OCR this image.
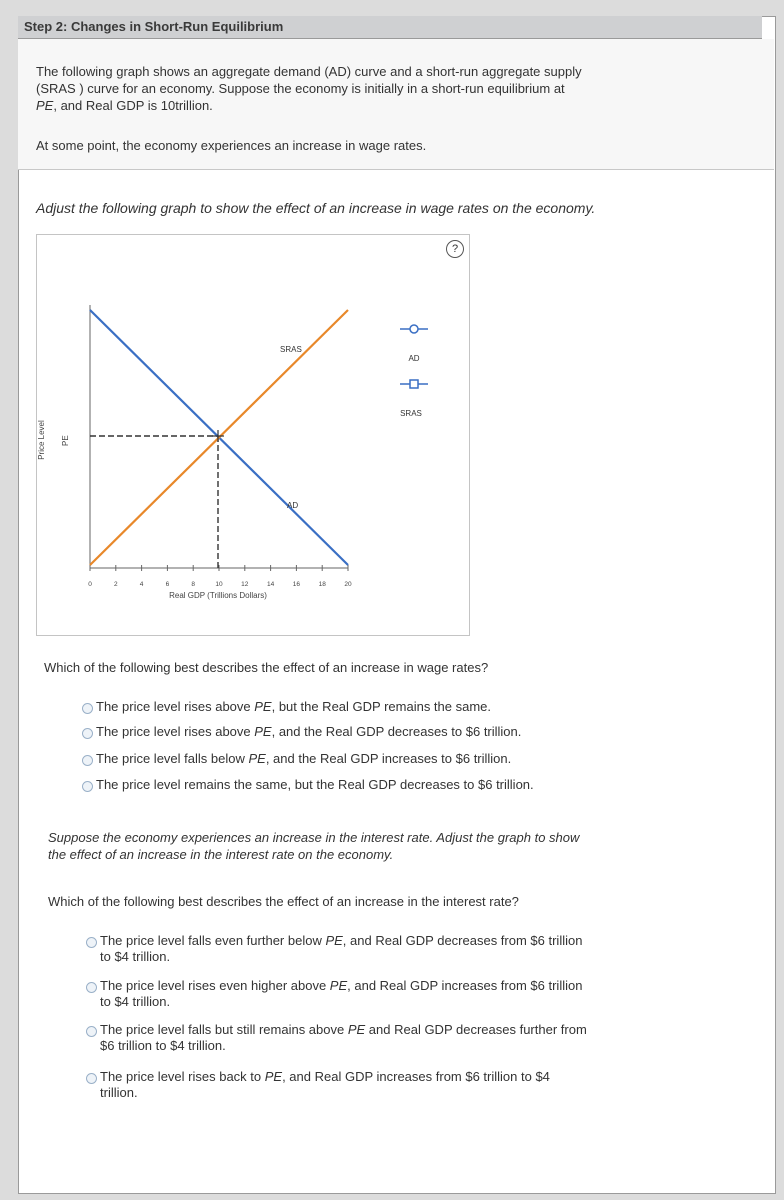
Step 2: Changes in Short-Run Equilibrium
The following graph shows an aggregate demand (AD) curve and a short-run aggregate supply
(SRAS ) curve for an economy. Suppose the economy is initially in a short-run equilibrium at
PE, and Real GDP is 10trillion.
At some point, the economy experiences an increase in wage rates.
Adjust the following graph to show the effect of an increase in wage rates on the economy.
?
Price Level PE
0	2	4	6	8	10	12	14	16	18	20
Real GDP (Trillions Dollars)
SRAS
AD
AD
SRAS
Which of the following best describes the effect of an increase in wage rates?
The price level rises above PE, but the Real GDP remains the same.
The price level rises above PE, and the Real GDP decreases to $6 trillion.
The price level falls below PE, and the Real GDP increases to $6 trillion.
The price level remains the same, but the Real GDP decreases to $6 trillion.
Suppose the economy experiences an increase in the interest rate. Adjust the graph to show
the effect of an increase in the interest rate on the economy.
Which of the following best describes the effect of an increase in the interest rate?
The price level falls even further below PE, and Real GDP decreases from $6 trillion
to $4 trillion.
The price level rises even higher above PE, and Real GDP increases from $6 trillion
to $4 trillion.
The price level falls but still remains above PE and Real GDP decreases further from
$6 trillion to $4 trillion.
The price level rises back to PE, and Real GDP increases from $6 trillion to $4
trillion.
